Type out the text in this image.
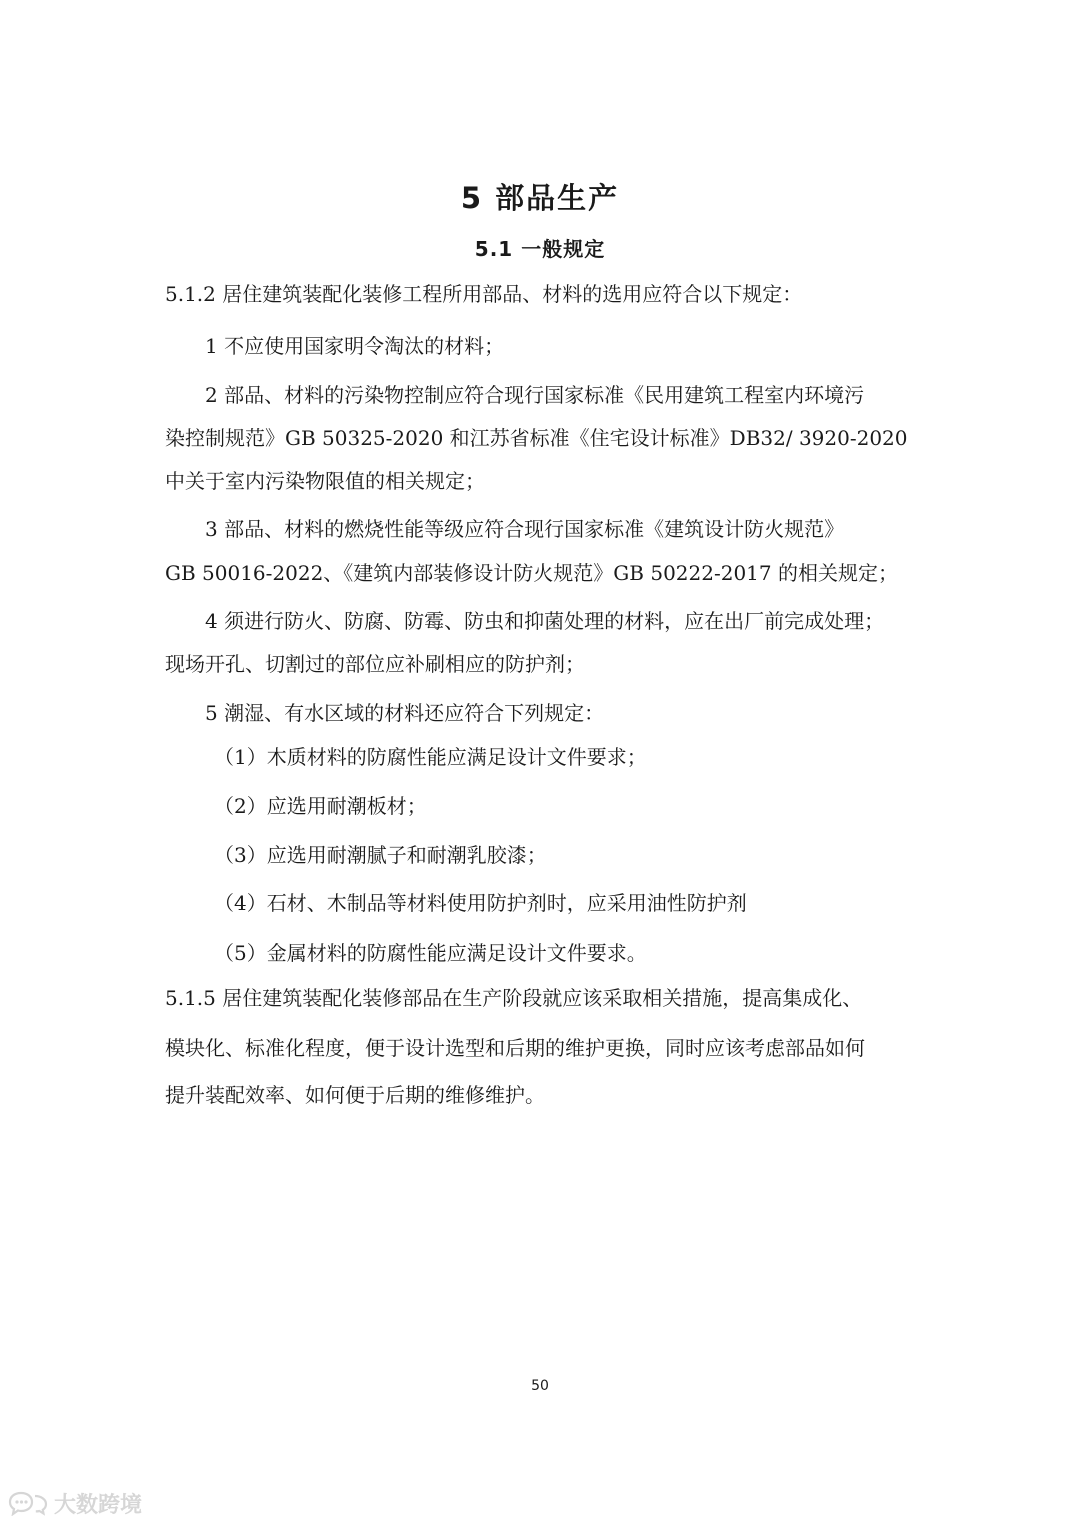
5 部品生产
5.1 一般规定
5.1.2 居住建筑装配化装修工程所用部品、材料的选用应符合以下规定：
1 不应使用国家明令淘汰的材料；
2 部品、材料的污染物控制应符合现行国家标准《民用建筑工程室内环境污
染控制规范》GB 50325-2020 和江苏省标准《住宅设计标准》DB32/ 3920-2020
中关于室内污染物限值的相关规定；
3 部品、材料的燃烧性能等级应符合现行国家标准《建筑设计防火规范》
GB 50016-2022、《建筑内部装修设计防火规范》GB 50222-2017 的相关规定；
4 须进行防火、防腐、防霉、防虫和抑菌处理的材料，应在出厂前完成处理；
现场开孔、切割过的部位应补刷相应的防护剂；
5 潮湿、有水区域的材料还应符合下列规定：
（1）木质材料的防腐性能应满足设计文件要求；
（2）应选用耐潮板材；
（3）应选用耐潮腻子和耐潮乳胶漆；
（4）石材、木制品等材料使用防护剂时，应采用油性防护剂
（5）金属材料的防腐性能应满足设计文件要求。
5.1.5 居住建筑装配化装修部品在生产阶段就应该采取相关措施，提高集成化、
模块化、标准化程度，便于设计选型和后期的维护更换，同时应该考虑部品如何
提升装配效率、如何便于后期的维修维护。
50
大数跨境
